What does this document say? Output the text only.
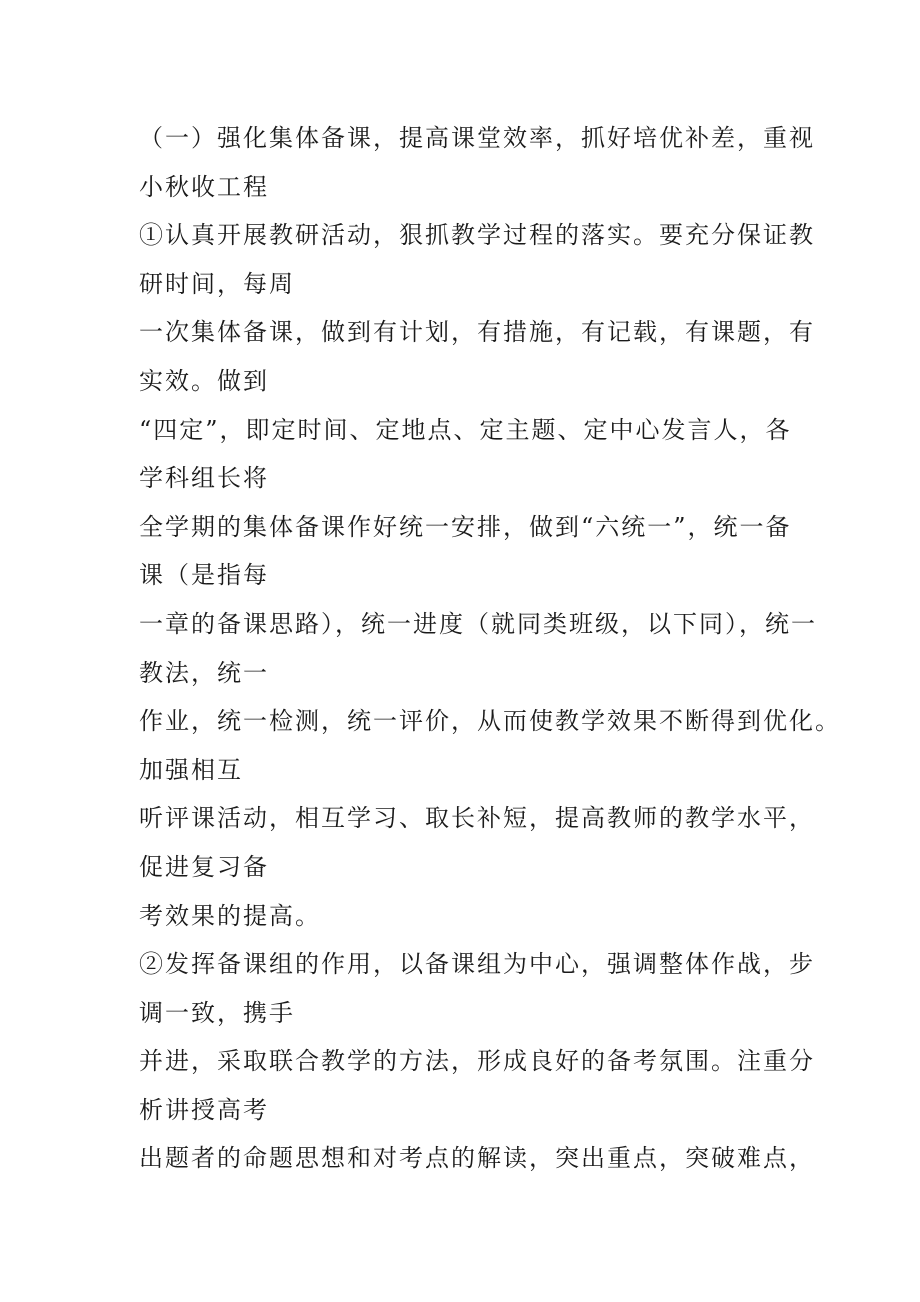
（一）强化集体备课，提高课堂效率，抓好培优补差，重视
小秋收工程
①认真开展教研活动，狠抓教学过程的落实。要充分保证教
研时间，每周
一次集体备课，做到有计划，有措施，有记载，有课题，有
实效。做到
“四定”，即定时间、定地点、定主题、定中心发言人，各
学科组长将
全学期的集体备课作好统一安排，做到“六统一”，统一备
课（是指每
一章的备课思路），统一进度（就同类班级，以下同），统一
教法，统一
作业，统一检测，统一评价，从而使教学效果不断得到优化。
加强相互
听评课活动，相互学习、取长补短，提高教师的教学水平，
促进复习备
考效果的提高。
②发挥备课组的作用，以备课组为中心，强调整体作战，步
调一致，携手
并进，采取联合教学的方法，形成良好的备考氛围。注重分
析讲授高考
出题者的命题思想和对考点的解读，突出重点，突破难点，
